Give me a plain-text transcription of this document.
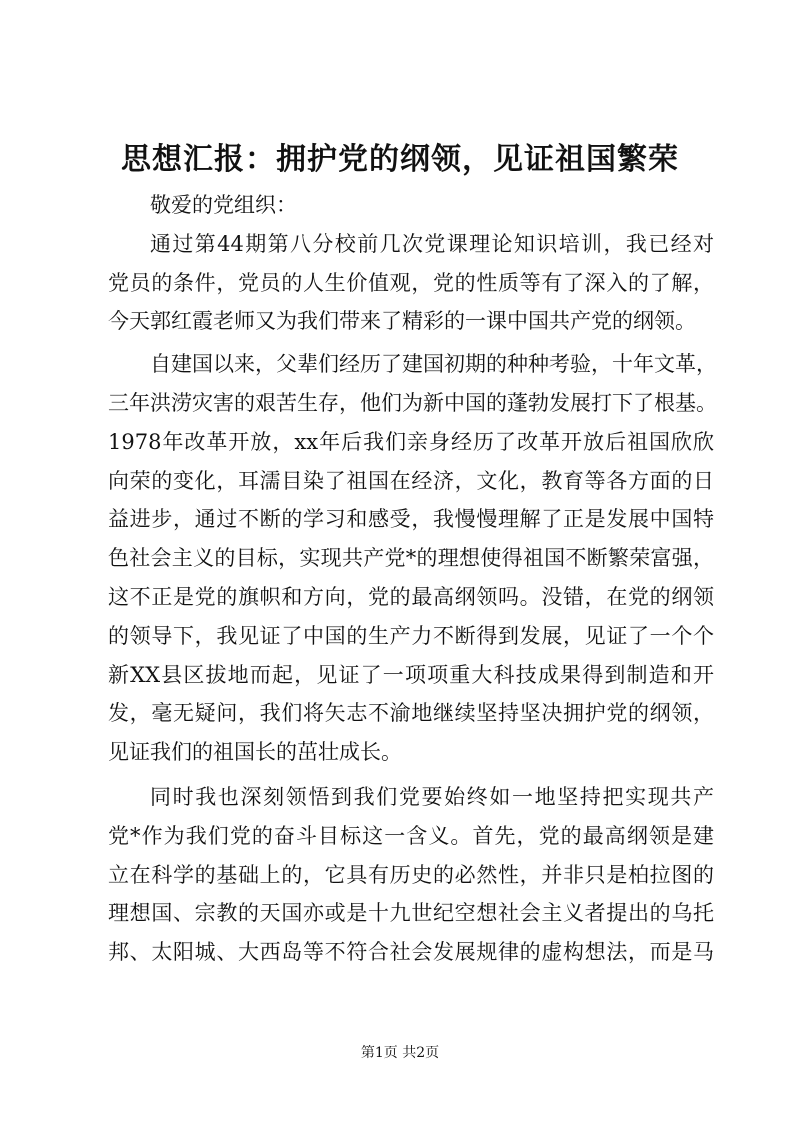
思想汇报：拥护党的纲领，见证祖国繁荣

敬爱的党组织：

通过第44期第八分校前几次党课理论知识培训，我已经对
党员的条件，党员的人生价值观，党的性质等有了深入的了解，
今天郭红霞老师又为我们带来了精彩的一课中国共产党的纲领。

自建国以来，父辈们经历了建国初期的种种考验，十年文革，
三年洪涝灾害的艰苦生存，他们为新中国的蓬勃发展打下了根基。
1978年改革开放，xx年后我们亲身经历了改革开放后祖国欣欣
向荣的变化，耳濡目染了祖国在经济，文化，教育等各方面的日
益进步，通过不断的学习和感受，我慢慢理解了正是发展中国特
色社会主义的目标，实现共产党*的理想使得祖国不断繁荣富强，
这不正是党的旗帜和方向，党的最高纲领吗。没错，在党的纲领
的领导下，我见证了中国的生产力不断得到发展，见证了一个个
新XX县区拔地而起，见证了一项项重大科技成果得到制造和开
发，毫无疑问，我们将矢志不渝地继续坚持坚决拥护党的纲领，
见证我们的祖国长的茁壮成长。

同时我也深刻领悟到我们党要始终如一地坚持把实现共产
党*作为我们党的奋斗目标这一含义。首先，党的最高纲领是建
立在科学的基础上的，它具有历史的必然性，并非只是柏拉图的
理想国、宗教的天国亦或是十九世纪空想社会主义者提出的乌托
邦、太阳城、大西岛等不符合社会发展规律的虚构想法，而是马

第1页 共2页
